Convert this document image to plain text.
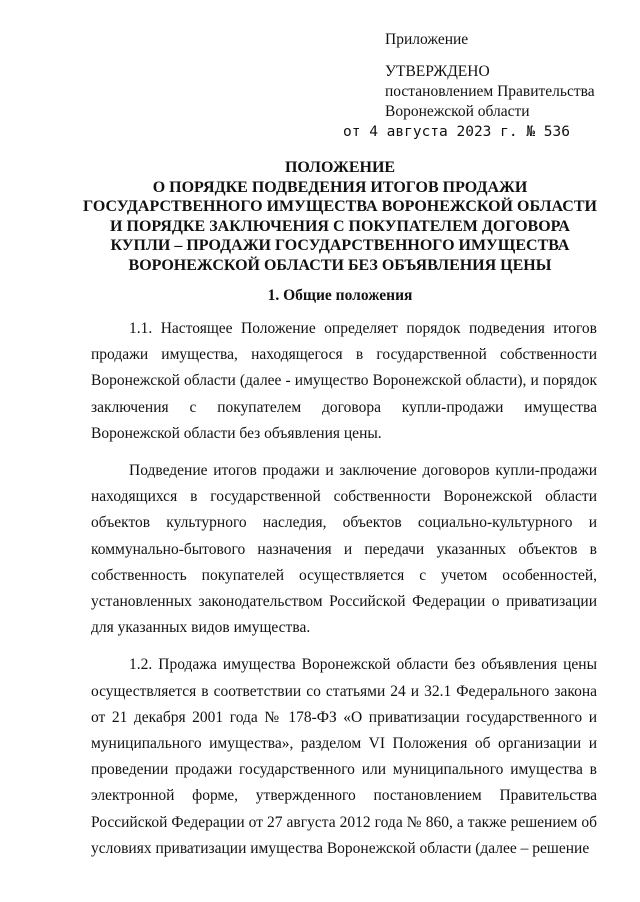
Приложение
УТВЕРЖДЕНО
постановлением Правительства
Воронежской области
от 4 августа 2023 г. № 536
ПОЛОЖЕНИЕ
О ПОРЯДКЕ ПОДВЕДЕНИЯ ИТОГОВ ПРОДАЖИ
ГОСУДАРСТВЕННОГО ИМУЩЕСТВА ВОРОНЕЖСКОЙ ОБЛАСТИ
И ПОРЯДКЕ ЗАКЛЮЧЕНИЯ С ПОКУПАТЕЛЕМ ДОГОВОРА
КУПЛИ – ПРОДАЖИ ГОСУДАРСТВЕННОГО ИМУЩЕСТВА
ВОРОНЕЖСКОЙ ОБЛАСТИ БЕЗ ОБЪЯВЛЕНИЯ ЦЕНЫ
1. Общие положения

1.1. Настоящее Положение определяет порядок подведения итогов продажи имущества, находящегося в государственной собственности Воронежской области (далее - имущество Воронежской области), и порядок заключения с покупателем договора купли-продажи имущества Воронежской области без объявления цены.

Подведение итогов продажи и заключение договоров купли-продажи находящихся в государственной собственности Воронежской области объектов культурного наследия, объектов социально-культурного и коммунально-бытового назначения и передачи указанных объектов в собственность покупателей осуществляется с учетом особенностей, установленных законодательством Российской Федерации о приватизации для указанных видов имущества.

1.2. Продажа имущества Воронежской области без объявления цены осуществляется в соответствии со статьями 24 и 32.1 Федерального закона от 21 декабря 2001 года № 178-ФЗ «О приватизации государственного и муниципального имущества», разделом VI Положения об организации и проведении продажи государственного или муниципального имущества в электронной форме, утвержденного постановлением Правительства Российской Федерации от 27 августа 2012 года № 860, а также решением об условиях приватизации имущества Воронежской области (далее – решение
